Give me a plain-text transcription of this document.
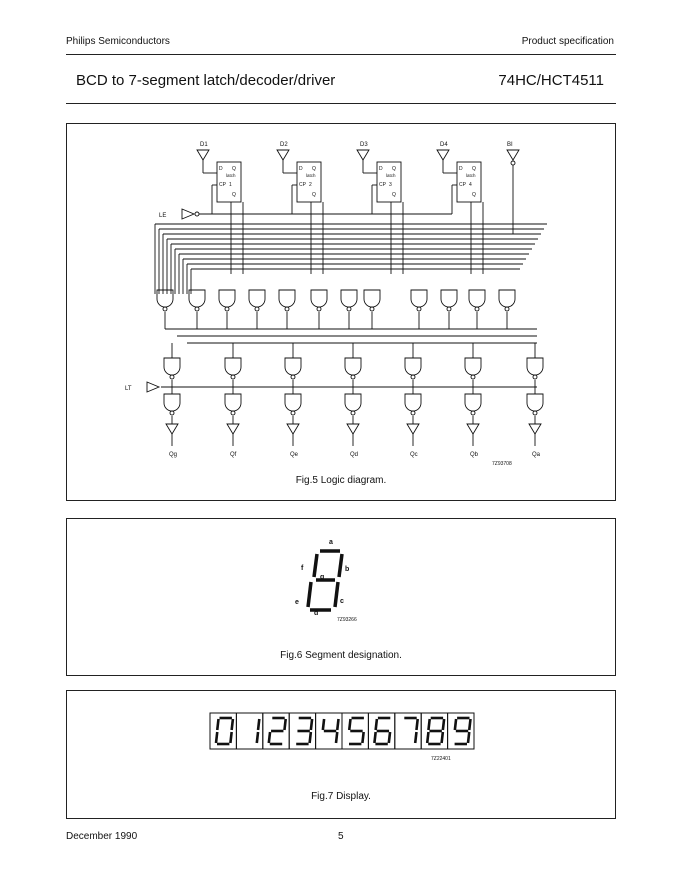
Philips Semiconductors	Product specification
BCD to 7-segment latch/decoder/driver	74HC/HCT4511
D1
D Q
latch
CP 1
Q
D2
D Q
latch
CP 2
Q
D3
D Q
latch
CP 3
Q
D4
D Q
latch
CP 4
Q
BI
LE
LT
Qg	Qf	Qe	Qd	Qc	Qb	Qa
7Z93708
Fig.5 Logic diagram.
a
b
c
d
e
f
g
7Z93266
Fig.6 Segment designation.
7Z22401
Fig.7 Display.
December 1990	5
